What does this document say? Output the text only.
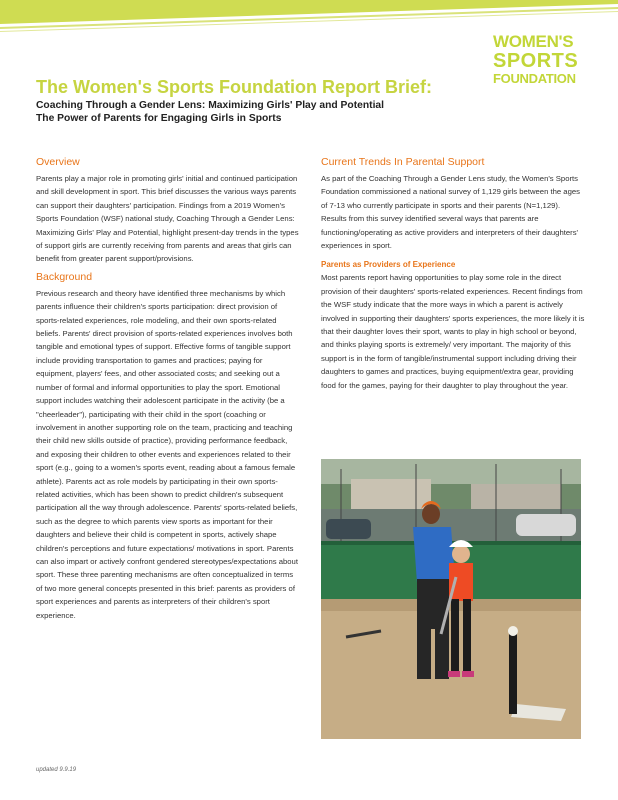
WOMEN'S
SPORTS
FOUNDATION
The Women's Sports Foundation Report Brief:
Coaching Through a Gender Lens: Maximizing Girls' Play and Potential
The Power of Parents for Engaging Girls in Sports
Overview

Parents play a major role in promoting girls' initial and continued participation and skill development in sport. This brief discusses the various ways parents can support their daughters' participation. Findings from a 2019 Women's Sports Foundation (WSF) national study, Coaching Through a Gender Lens: Maximizing Girls' Play and Potential, highlight present-day trends in the types of support girls are currently receiving from parents and areas that girls can benefit from greater parent support/provisions.

Background

Previous research and theory have identified three mechanisms by which parents influence their children's sports participation: direct provision of sports-related experiences, role modeling, and their own sports-related beliefs. Parents' direct provision of sports-related experiences involves both tangible and emotional types of support. Effective forms of tangible support include providing transportation to games and practices; paying for equipment, players' fees, and other associated costs; and seeking out a number of formal and informal opportunities to play the sport. Emotional support includes watching their adolescent participate in the activity (be a "cheerleader"), participating with their child in the sport (coaching or involvement in another supporting role on the team, practicing and teaching their child new skills outside of practice), providing performance feedback, and exposing their children to other events and experiences related to their sport (e.g., going to a women's sports event, reading about a famous female athlete). Parents act as role models by participating in their own sports-related activities, which has been shown to predict children's subsequent participation all the way through adolescence. Parents' sports-related beliefs, such as the degree to which parents view sports as important for their daughters and believe their child is competent in sports, actively shape children's perceptions and future expectations/ motivations in sport. Parents can also impart or actively confront gendered stereotypes/expectations about sport. These three parenting mechanisms are often conceptualized in terms of two more general concepts presented in this brief: parents as providers of sport experiences and parents as interpreters of their children's sport experience.

Current Trends In Parental Support

As part of the Coaching Through a Gender Lens study, the Women's Sports Foundation commissioned a national survey of 1,129 girls between the ages of 7-13 who currently participate in sports and their parents (N=1,129). Results from this survey identified several ways that parents are functioning/operating as active providers and interpreters of their daughters' experiences in sport.

Parents as Providers of Experience

Most parents report having opportunities to play some role in the direct provision of their daughters' sports-related experiences. Recent findings from the WSF study indicate that the more ways in which a parent is actively involved in supporting their daughters' sports experiences, the more likely it is that their daughter loves their sport, wants to play in high school or beyond, and thinks playing sports is extremely/ very important. The majority of this support is in the form of tangible/instrumental support including driving their daughters to games and practices, buying equipment/extra gear, providing food for the games, paying for their daughter to play throughout the year.

updated 9.9.19
